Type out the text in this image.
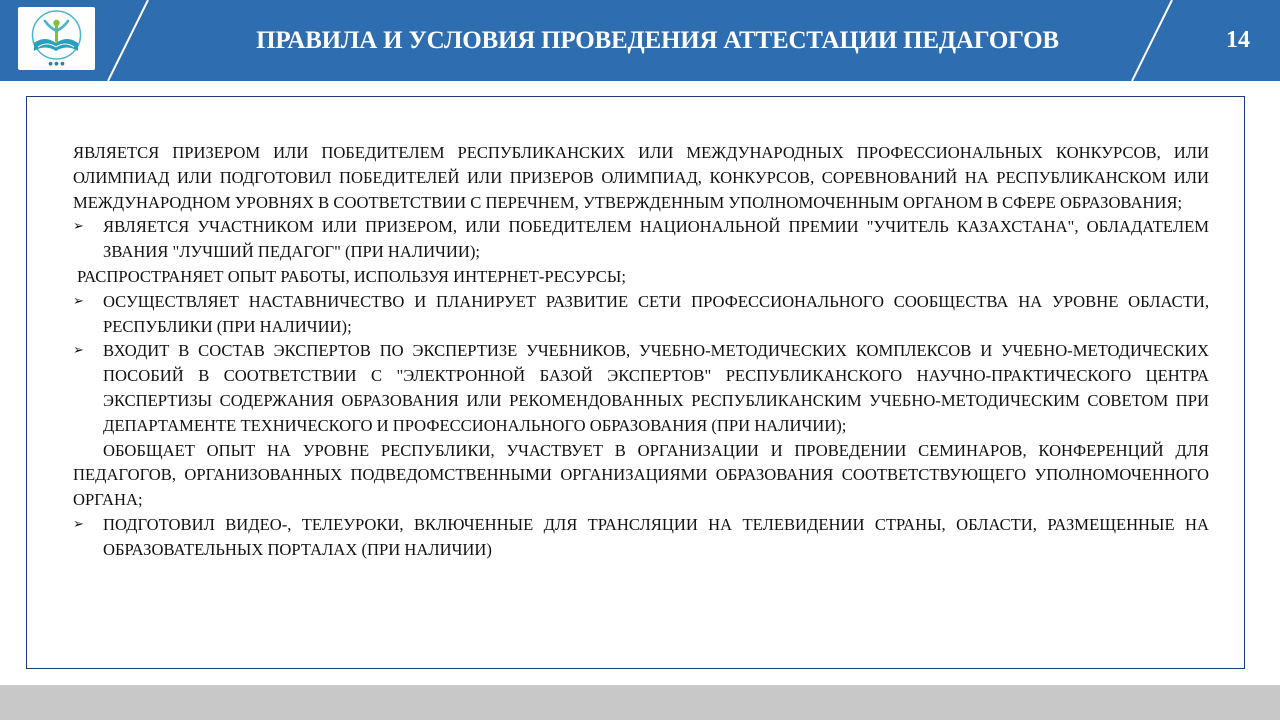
● ● ●
ПРАВИЛА И УСЛОВИЯ ПРОВЕДЕНИЯ АТТЕСТАЦИИ ПЕДАГОГОВ	14

ЯВЛЯЕТСЯ ПРИЗЕРОМ ИЛИ ПОБЕДИТЕЛЕМ РЕСПУБЛИКАНСКИХ ИЛИ МЕЖДУНАРОДНЫХ ПРОФЕССИОНАЛЬНЫХ КОНКУРСОВ, ИЛИ ОЛИМПИАД ИЛИ ПОДГОТОВИЛ ПОБЕДИТЕЛЕЙ ИЛИ ПРИЗЕРОВ ОЛИМПИАД, КОНКУРСОВ, СОРЕВНОВАНИЙ НА РЕСПУБЛИКАНСКОМ ИЛИ МЕЖДУНАРОДНОМ УРОВНЯХ В СООТВЕТСТВИИ С ПЕРЕЧНЕМ, УТВЕРЖДЕННЫМ УПОЛНОМОЧЕННЫМ ОРГАНОМ В СФЕРЕ ОБРАЗОВАНИЯ;

➢	ЯВЛЯЕТСЯ УЧАСТНИКОМ ИЛИ ПРИЗЕРОМ, ИЛИ ПОБЕДИТЕЛЕМ НАЦИОНАЛЬНОЙ ПРЕМИИ "УЧИТЕЛЬ КАЗАХСТАНА", ОБЛАДАТЕЛЕМ ЗВАНИЯ "ЛУЧШИЙ ПЕДАГОГ" (ПРИ НАЛИЧИИ);

РАСПРОСТРАНЯЕТ ОПЫТ РАБОТЫ, ИСПОЛЬЗУЯ ИНТЕРНЕТ-РЕСУРСЫ;

➢	ОСУЩЕСТВЛЯЕТ НАСТАВНИЧЕСТВО И ПЛАНИРУЕТ РАЗВИТИЕ СЕТИ ПРОФЕССИОНАЛЬНОГО СООБЩЕСТВА НА УРОВНЕ ОБЛАСТИ, РЕСПУБЛИКИ (ПРИ НАЛИЧИИ);

➢	ВХОДИТ В СОСТАВ ЭКСПЕРТОВ ПО ЭКСПЕРТИЗЕ УЧЕБНИКОВ, УЧЕБНО-МЕТОДИЧЕСКИХ КОМПЛЕКСОВ И УЧЕБНО-МЕТОДИЧЕСКИХ ПОСОБИЙ В СООТВЕТСТВИИ С "ЭЛЕКТРОННОЙ БАЗОЙ ЭКСПЕРТОВ" РЕСПУБЛИКАНСКОГО НАУЧНО-ПРАКТИЧЕСКОГО ЦЕНТРА ЭКСПЕРТИЗЫ СОДЕРЖАНИЯ ОБРАЗОВАНИЯ ИЛИ РЕКОМЕНДОВАННЫХ РЕСПУБЛИКАНСКИМ УЧЕБНО-МЕТОДИЧЕСКИМ СОВЕТОМ ПРИ ДЕПАРТАМЕНТЕ ТЕХНИЧЕСКОГО И ПРОФЕССИОНАЛЬНОГО ОБРАЗОВАНИЯ (ПРИ НАЛИЧИИ);

ОБОБЩАЕТ ОПЫТ НА УРОВНЕ РЕСПУБЛИКИ, УЧАСТВУЕТ В ОРГАНИЗАЦИИ И ПРОВЕДЕНИИ СЕМИНАРОВ, КОНФЕРЕНЦИЙ ДЛЯ ПЕДАГОГОВ, ОРГАНИЗОВАННЫХ ПОДВЕДОМСТВЕННЫМИ ОРГАНИЗАЦИЯМИ ОБРАЗОВАНИЯ СООТВЕТСТВУЮЩЕГО УПОЛНОМОЧЕННОГО ОРГАНА;

➢	ПОДГОТОВИЛ ВИДЕО-, ТЕЛЕУРОКИ, ВКЛЮЧЕННЫЕ ДЛЯ ТРАНСЛЯЦИИ НА ТЕЛЕВИДЕНИИ СТРАНЫ, ОБЛАСТИ, РАЗМЕЩЕННЫЕ НА ОБРАЗОВАТЕЛЬНЫХ ПОРТАЛАХ (ПРИ НАЛИЧИИ)
